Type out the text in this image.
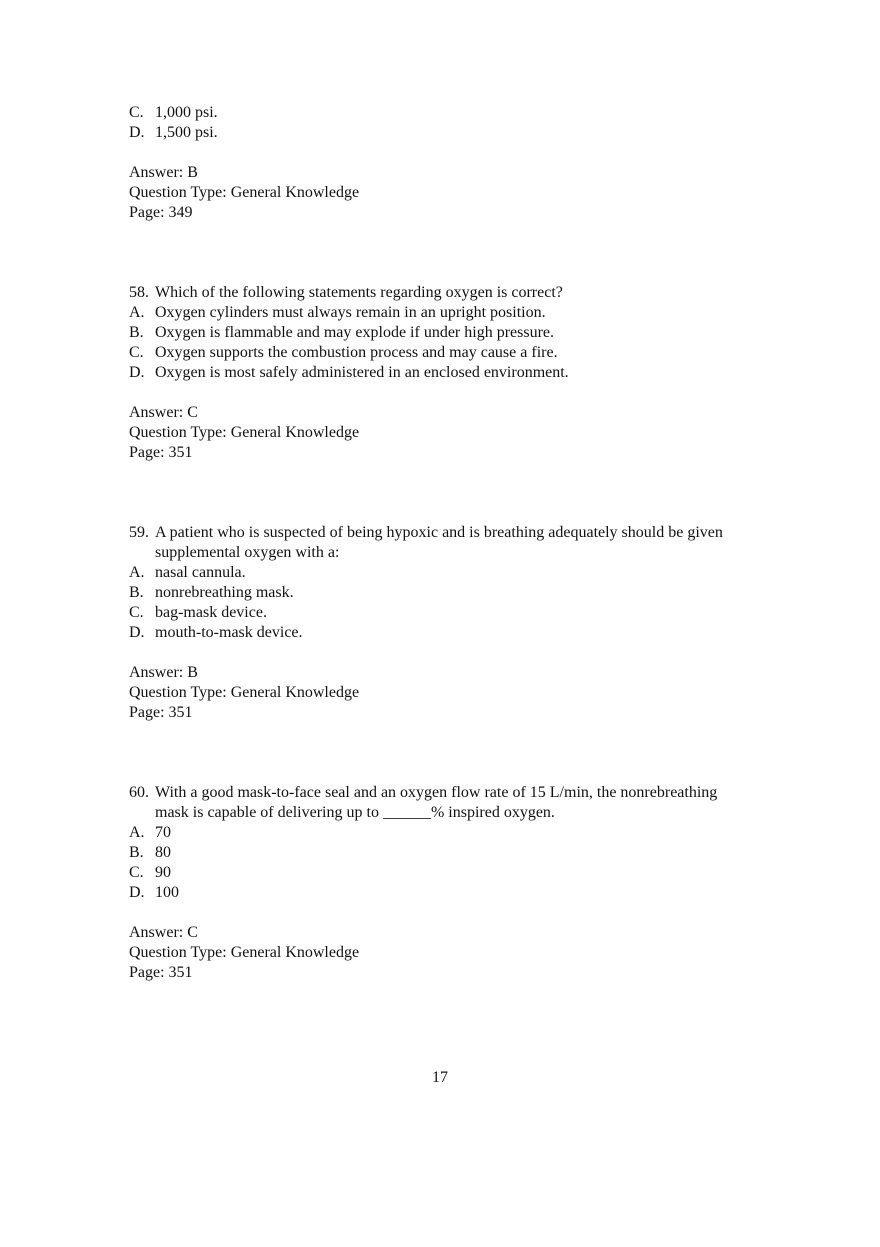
C. 1,000 psi.
D. 1,500 psi.
Answer: B
Question Type: General Knowledge
Page: 349
58. Which of the following statements regarding oxygen is correct?
A. Oxygen cylinders must always remain in an upright position.
B. Oxygen is flammable and may explode if under high pressure.
C. Oxygen supports the combustion process and may cause a fire.
D. Oxygen is most safely administered in an enclosed environment.
Answer: C
Question Type: General Knowledge
Page: 351
59. A patient who is suspected of being hypoxic and is breathing adequately should be given supplemental oxygen with a:
A. nasal cannula.
B. nonrebreathing mask.
C. bag-mask device.
D. mouth-to-mask device.
Answer: B
Question Type: General Knowledge
Page: 351
60. With a good mask-to-face seal and an oxygen flow rate of 15 L/min, the nonrebreathing mask is capable of delivering up to ______% inspired oxygen.
A. 70
B. 80
C. 90
D. 100
Answer: C
Question Type: General Knowledge
Page: 351
17
